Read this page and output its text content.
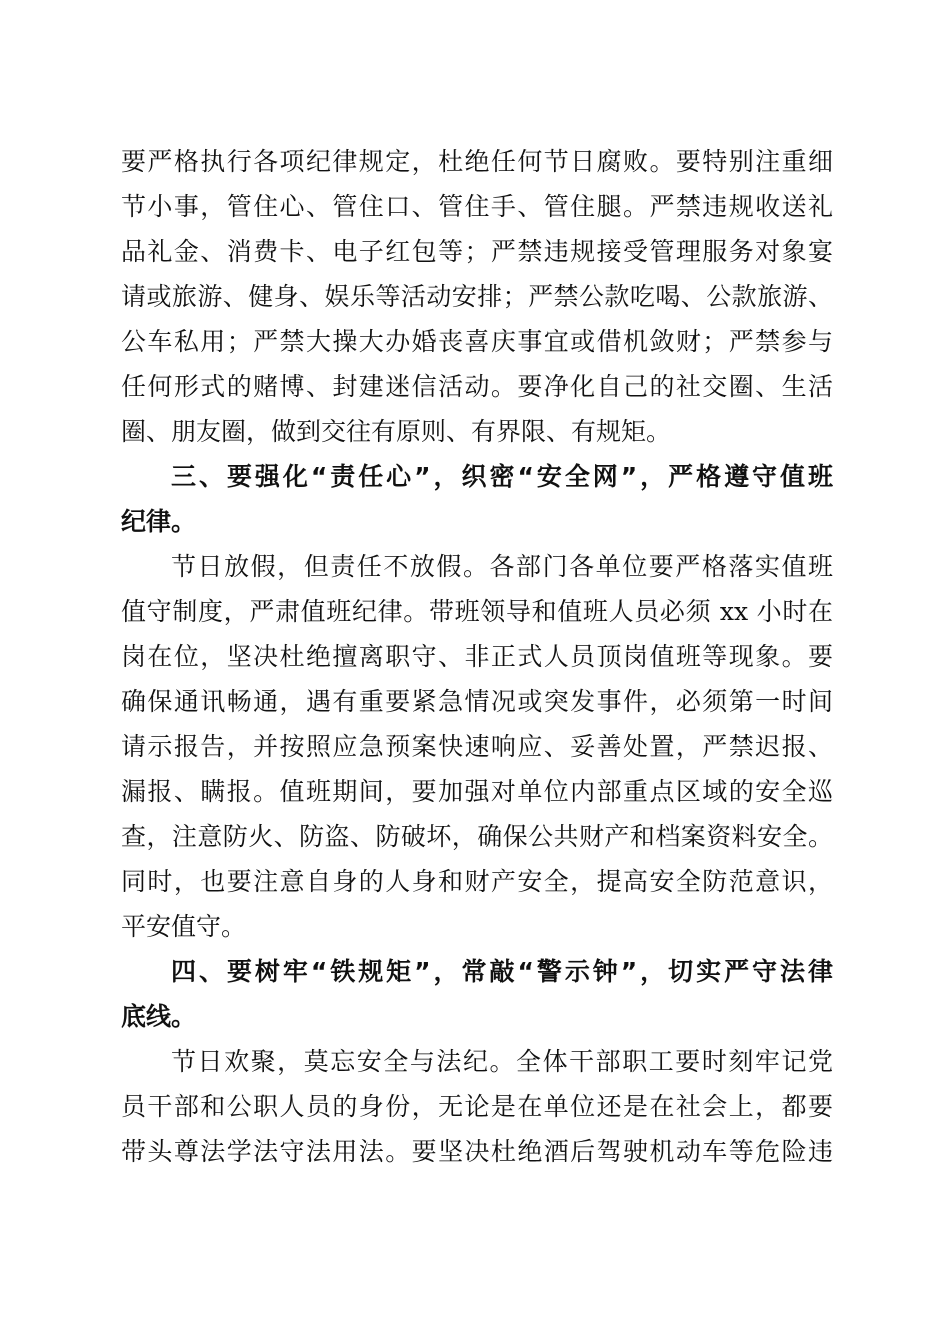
要严格执行各项纪律规定，杜绝任何节日腐败。要特别注重细
节小事，管住心、管住口、管住手、管住腿。严禁违规收送礼
品礼金、消费卡、电子红包等；严禁违规接受管理服务对象宴
请或旅游、健身、娱乐等活动安排；严禁公款吃喝、公款旅游、
公车私用；严禁大操大办婚丧喜庆事宜或借机敛财；严禁参与
任何形式的赌博、封建迷信活动。要净化自己的社交圈、生活
圈、朋友圈，做到交往有原则、有界限、有规矩。
三、要强化“责任心”，织密“安全网”，严格遵守值班
纪律。
节日放假，但责任不放假。各部门各单位要严格落实值班
值守制度，严肃值班纪律。带班领导和值班人员必须 xx 小时在
岗在位，坚决杜绝擅离职守、非正式人员顶岗值班等现象。要
确保通讯畅通，遇有重要紧急情况或突发事件，必须第一时间
请示报告，并按照应急预案快速响应、妥善处置，严禁迟报、
漏报、瞒报。值班期间，要加强对单位内部重点区域的安全巡
查，注意防火、防盗、防破坏，确保公共财产和档案资料安全。
同时，也要注意自身的人身和财产安全，提高安全防范意识，
平安值守。
四、要树牢“铁规矩”，常敲“警示钟”，切实严守法律
底线。
节日欢聚，莫忘安全与法纪。全体干部职工要时刻牢记党
员干部和公职人员的身份，无论是在单位还是在社会上，都要
带头尊法学法守法用法。要坚决杜绝酒后驾驶机动车等危险违
